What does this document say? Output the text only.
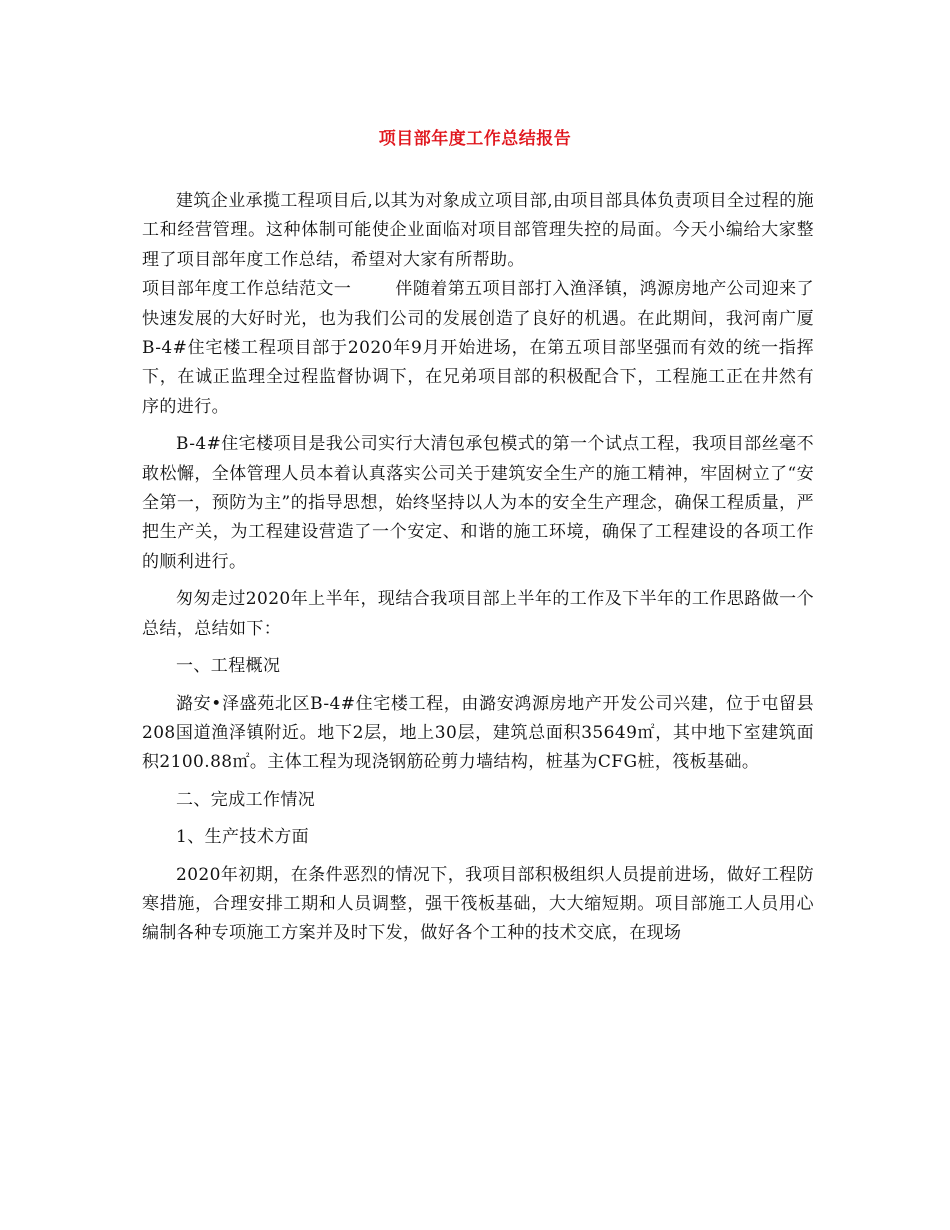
项目部年度工作总结报告

建筑企业承揽工程项目后,以其为对象成立项目部,由项目部具体负责项目全过程的施工和经营管理。这种体制可能使企业面临对项目部管理失控的局面。今天小编给大家整理了项目部年度工作总结，希望对大家有所帮助。

项目部年度工作总结范文一	伴随着第五项目部打入渔泽镇，鸿源房地产公司迎来了快速发展的大好时光，也为我们公司的发展创造了良好的机遇。在此期间，我河南广厦B-4#住宅楼工程项目部于2020年9月开始进场，在第五项目部坚强而有效的统一指挥下，在诚正监理全过程监督协调下，在兄弟项目部的积极配合下，工程施工正在井然有序的进行。

B-4#住宅楼项目是我公司实行大清包承包模式的第一个试点工程，我项目部丝毫不敢松懈，全体管理人员本着认真落实公司关于建筑安全生产的施工精神，牢固树立了“安全第一，预防为主”的指导思想，始终坚持以人为本的安全生产理念，确保工程质量，严把生产关，为工程建设营造了一个安定、和谐的施工环境，确保了工程建设的各项工作的顺利进行。

匆匆走过2020年上半年，现结合我项目部上半年的工作及下半年的工作思路做一个总结，总结如下：

一、工程概况

潞安•泽盛苑北区B-4#住宅楼工程，由潞安鸿源房地产开发公司兴建，位于屯留县208国道渔泽镇附近。地下2层，地上30层，建筑总面积35649㎡，其中地下室建筑面积2100.88㎡。主体工程为现浇钢筋砼剪力墙结构，桩基为CFG桩，筏板基础。

二、完成工作情况

1、生产技术方面

2020年初期，在条件恶烈的情况下，我项目部积极组织人员提前进场，做好工程防寒措施，合理安排工期和人员调整，强干筏板基础，大大缩短期。项目部施工人员用心编制各种专项施工方案并及时下发，做好各个工种的技术交底，在现场
